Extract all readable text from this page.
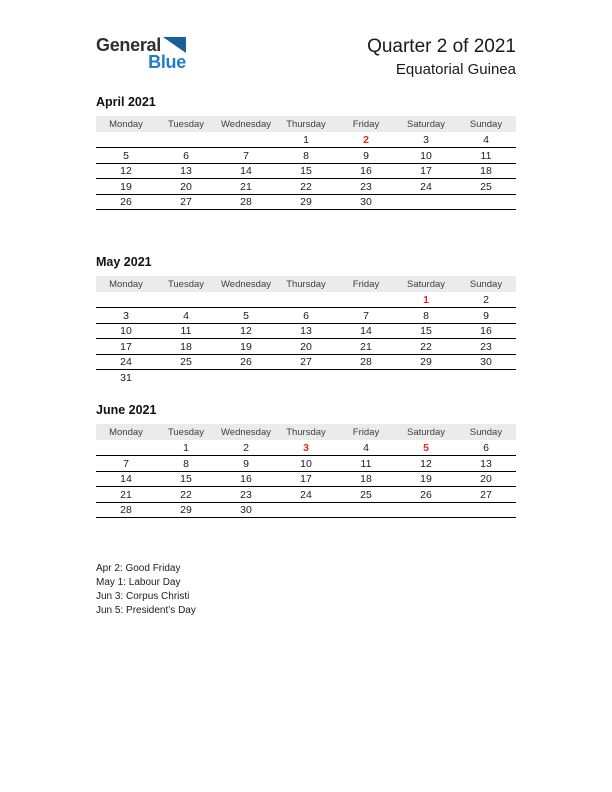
General
Blue
Quarter 2 of 2021
Equatorial Guinea
April 2021
Monday	Tuesday	Wednesday	Thursday	Friday	Saturday	Sunday
			1	2	3	4
5	6	7	8	9	10	11
12	13	14	15	16	17	18
19	20	21	22	23	24	25
26	27	28	29	30		
May 2021
Monday	Tuesday	Wednesday	Thursday	Friday	Saturday	Sunday
					1	2
3	4	5	6	7	8	9
10	11	12	13	14	15	16
17	18	19	20	21	22	23
24	25	26	27	28	29	30
31						
June 2021
Monday	Tuesday	Wednesday	Thursday	Friday	Saturday	Sunday
	1	2	3	4	5	6
7	8	9	10	11	12	13
14	15	16	17	18	19	20
21	22	23	24	25	26	27
28	29	30				
Apr 2: Good Friday
May 1: Labour Day
Jun 3: Corpus Christi
Jun 5: President’s Day
